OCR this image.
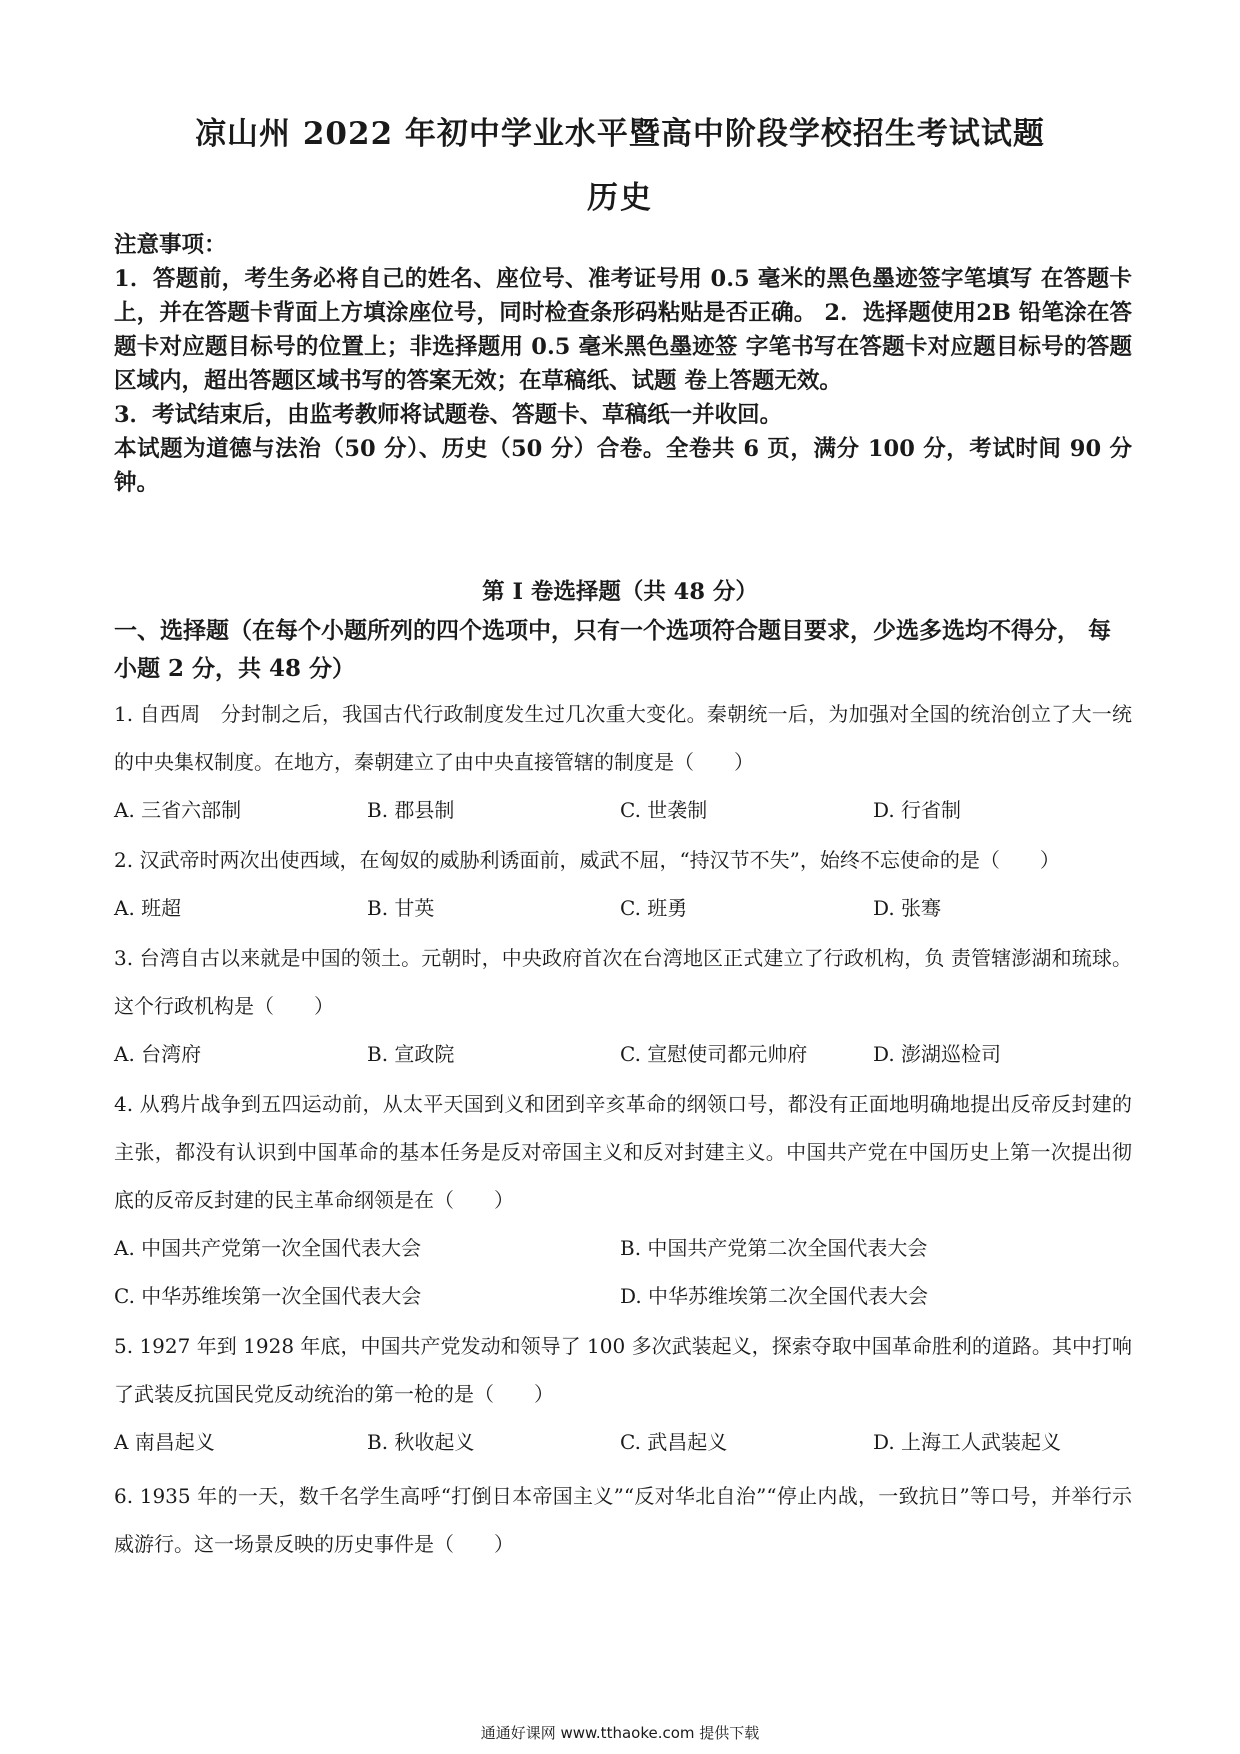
凉山州 2022 年初中学业水平暨高中阶段学校招生考试试题
历史
注意事项：

1．答题前，考生务必将自己的姓名、座位号、准考证号用 0.5 毫米的黑色墨迹签字笔填写 在答题卡上，并在答题卡背面上方填涂座位号，同时检查条形码粘贴是否正确。 2．选择题使用2B 铅笔涂在答题卡对应题目标号的位置上；非选择题用 0.5 毫米黑色墨迹签 字笔书写在答题卡对应题目标号的答题区域内，超出答题区域书写的答案无效；在草稿纸、试题 卷上答题无效。

3．考试结束后，由监考教师将试题卷、答题卡、草稿纸一并收回。

本试题为道德与法治（50 分）、历史（50 分）合卷。全卷共 6 页，满分 100 分，考试时间 90 分钟。

第 I 卷选择题（共 48 分）
一、选择题（在每个小题所列的四个选项中，只有一个选项符合题目要求，少选多选均不得分， 每小题 2 分，共 48 分）

1. 自西周　分封制之后，我国古代行政制度发生过几次重大变化。秦朝统一后，为加强对全国的统治创立了大一统的中央集权制度。在地方，秦朝建立了由中央直接管辖的制度是（　　）

A. 三省六部制	B. 郡县制	C. 世袭制	D. 行省制

2. 汉武帝时两次出使西域，在匈奴的威胁利诱面前，威武不屈，“持汉节不失”，始终不忘使命的是（　　）

A. 班超	B. 甘英	C. 班勇	D. 张骞

3. 台湾自古以来就是中国的领土。元朝时，中央政府首次在台湾地区正式建立了行政机构，负 责管辖澎湖和琉球。这个行政机构是（　　）

A. 台湾府	B. 宣政院	C. 宣慰使司都元帅府	D. 澎湖巡检司

4. 从鸦片战争到五四运动前，从太平天国到义和团到辛亥革命的纲领口号，都没有正面地明确地提出反帝反封建的主张，都没有认识到中国革命的基本任务是反对帝国主义和反对封建主义。中国共产党在中国历史上第一次提出彻底的反帝反封建的民主革命纲领是在（　　）

A. 中国共产党第一次全国代表大会	B. 中国共产党第二次全国代表大会
C. 中华苏维埃第一次全国代表大会	D. 中华苏维埃第二次全国代表大会

5. 1927 年到 1928 年底，中国共产党发动和领导了 100 多次武装起义，探索夺取中国革命胜利的道路。其中打响了武装反抗国民党反动统治的第一枪的是（　　）

A 南昌起义	B. 秋收起义	C. 武昌起义	D. 上海工人武装起义

6. 1935 年的一天，数千名学生高呼“打倒日本帝国主义”“反对华北自治”“停止内战，一致抗日”等口号，并举行示威游行。这一场景反映的历史事件是（　　）

通通好课网 www.tthaoke.com 提供下载
